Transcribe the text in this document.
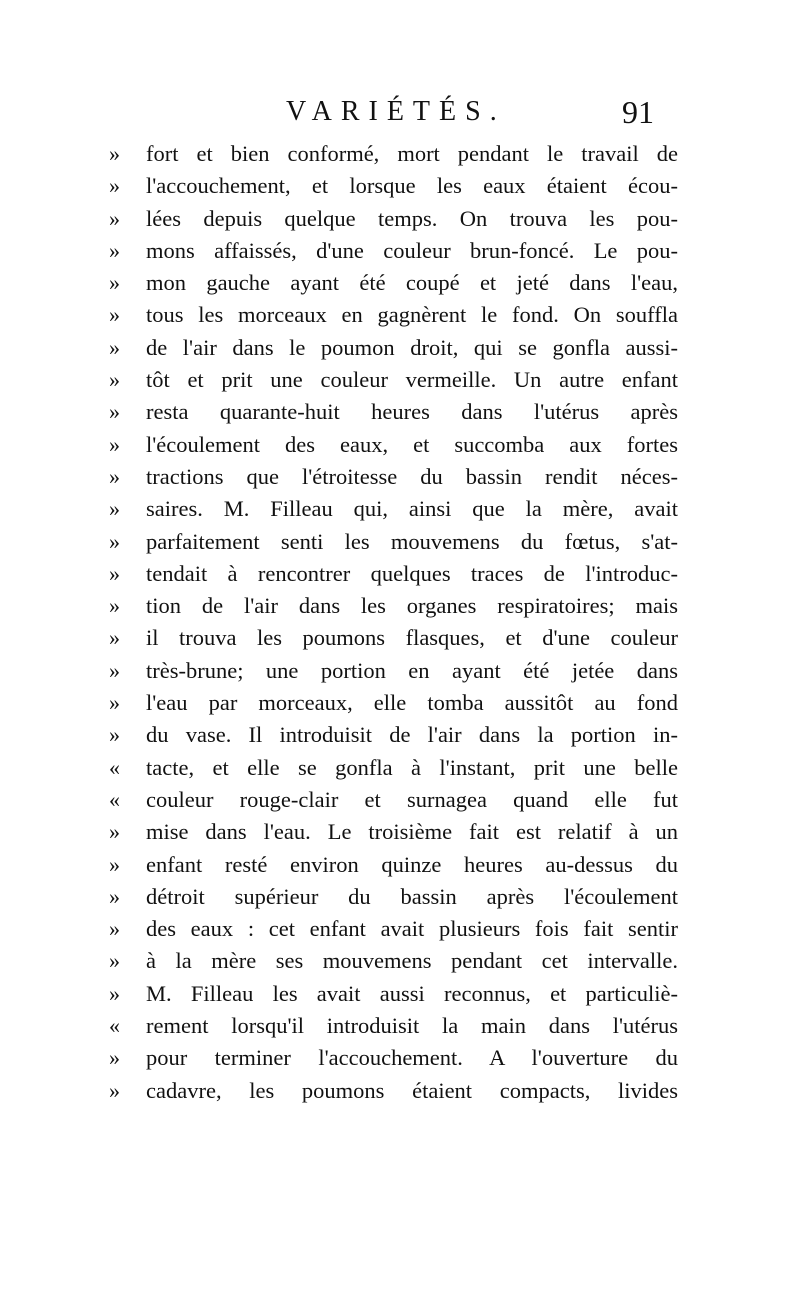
VARIÉTÉS.	91
»	fort et bien conformé, mort pendant le travail de
»	l'accouchement, et lorsque les eaux étaient écou-
»	lées depuis quelque temps. On trouva les pou-
»	mons affaissés, d'une couleur brun-foncé. Le pou-
»	mon gauche ayant été coupé et jeté dans l'eau,
»	tous les morceaux en gagnèrent le fond. On souffla
»	de l'air dans le poumon droit, qui se gonfla aussi-
»	tôt et prit une couleur vermeille. Un autre enfant
»	resta quarante-huit heures dans l'utérus après
»	l'écoulement des eaux, et succomba aux fortes
»	tractions que l'étroitesse du bassin rendit néces-
»	saires. M. Filleau qui, ainsi que la mère, avait
»	parfaitement senti les mouvemens du fœtus, s'at-
»	tendait à rencontrer quelques traces de l'introduc-
»	tion de l'air dans les organes respiratoires; mais
»	il trouva les poumons flasques, et d'une couleur
»	très-brune; une portion en ayant été jetée dans
»	l'eau par morceaux, elle tomba aussitôt au fond
»	du vase. Il introduisit de l'air dans la portion in-
«	tacte, et elle se gonfla à l'instant, prit une belle
«	couleur rouge-clair et surnagea quand elle fut
»	mise dans l'eau. Le troisième fait est relatif à un
»	enfant resté environ quinze heures au-dessus du
»	détroit supérieur du bassin après l'écoulement
»	des eaux : cet enfant avait plusieurs fois fait sentir
»	à la mère ses mouvemens pendant cet intervalle.
»	M. Filleau les avait aussi reconnus, et particuliè-
«	rement lorsqu'il introduisit la main dans l'utérus
»	pour terminer l'accouchement. A l'ouverture du
»	cadavre, les poumons étaient compacts, livides
